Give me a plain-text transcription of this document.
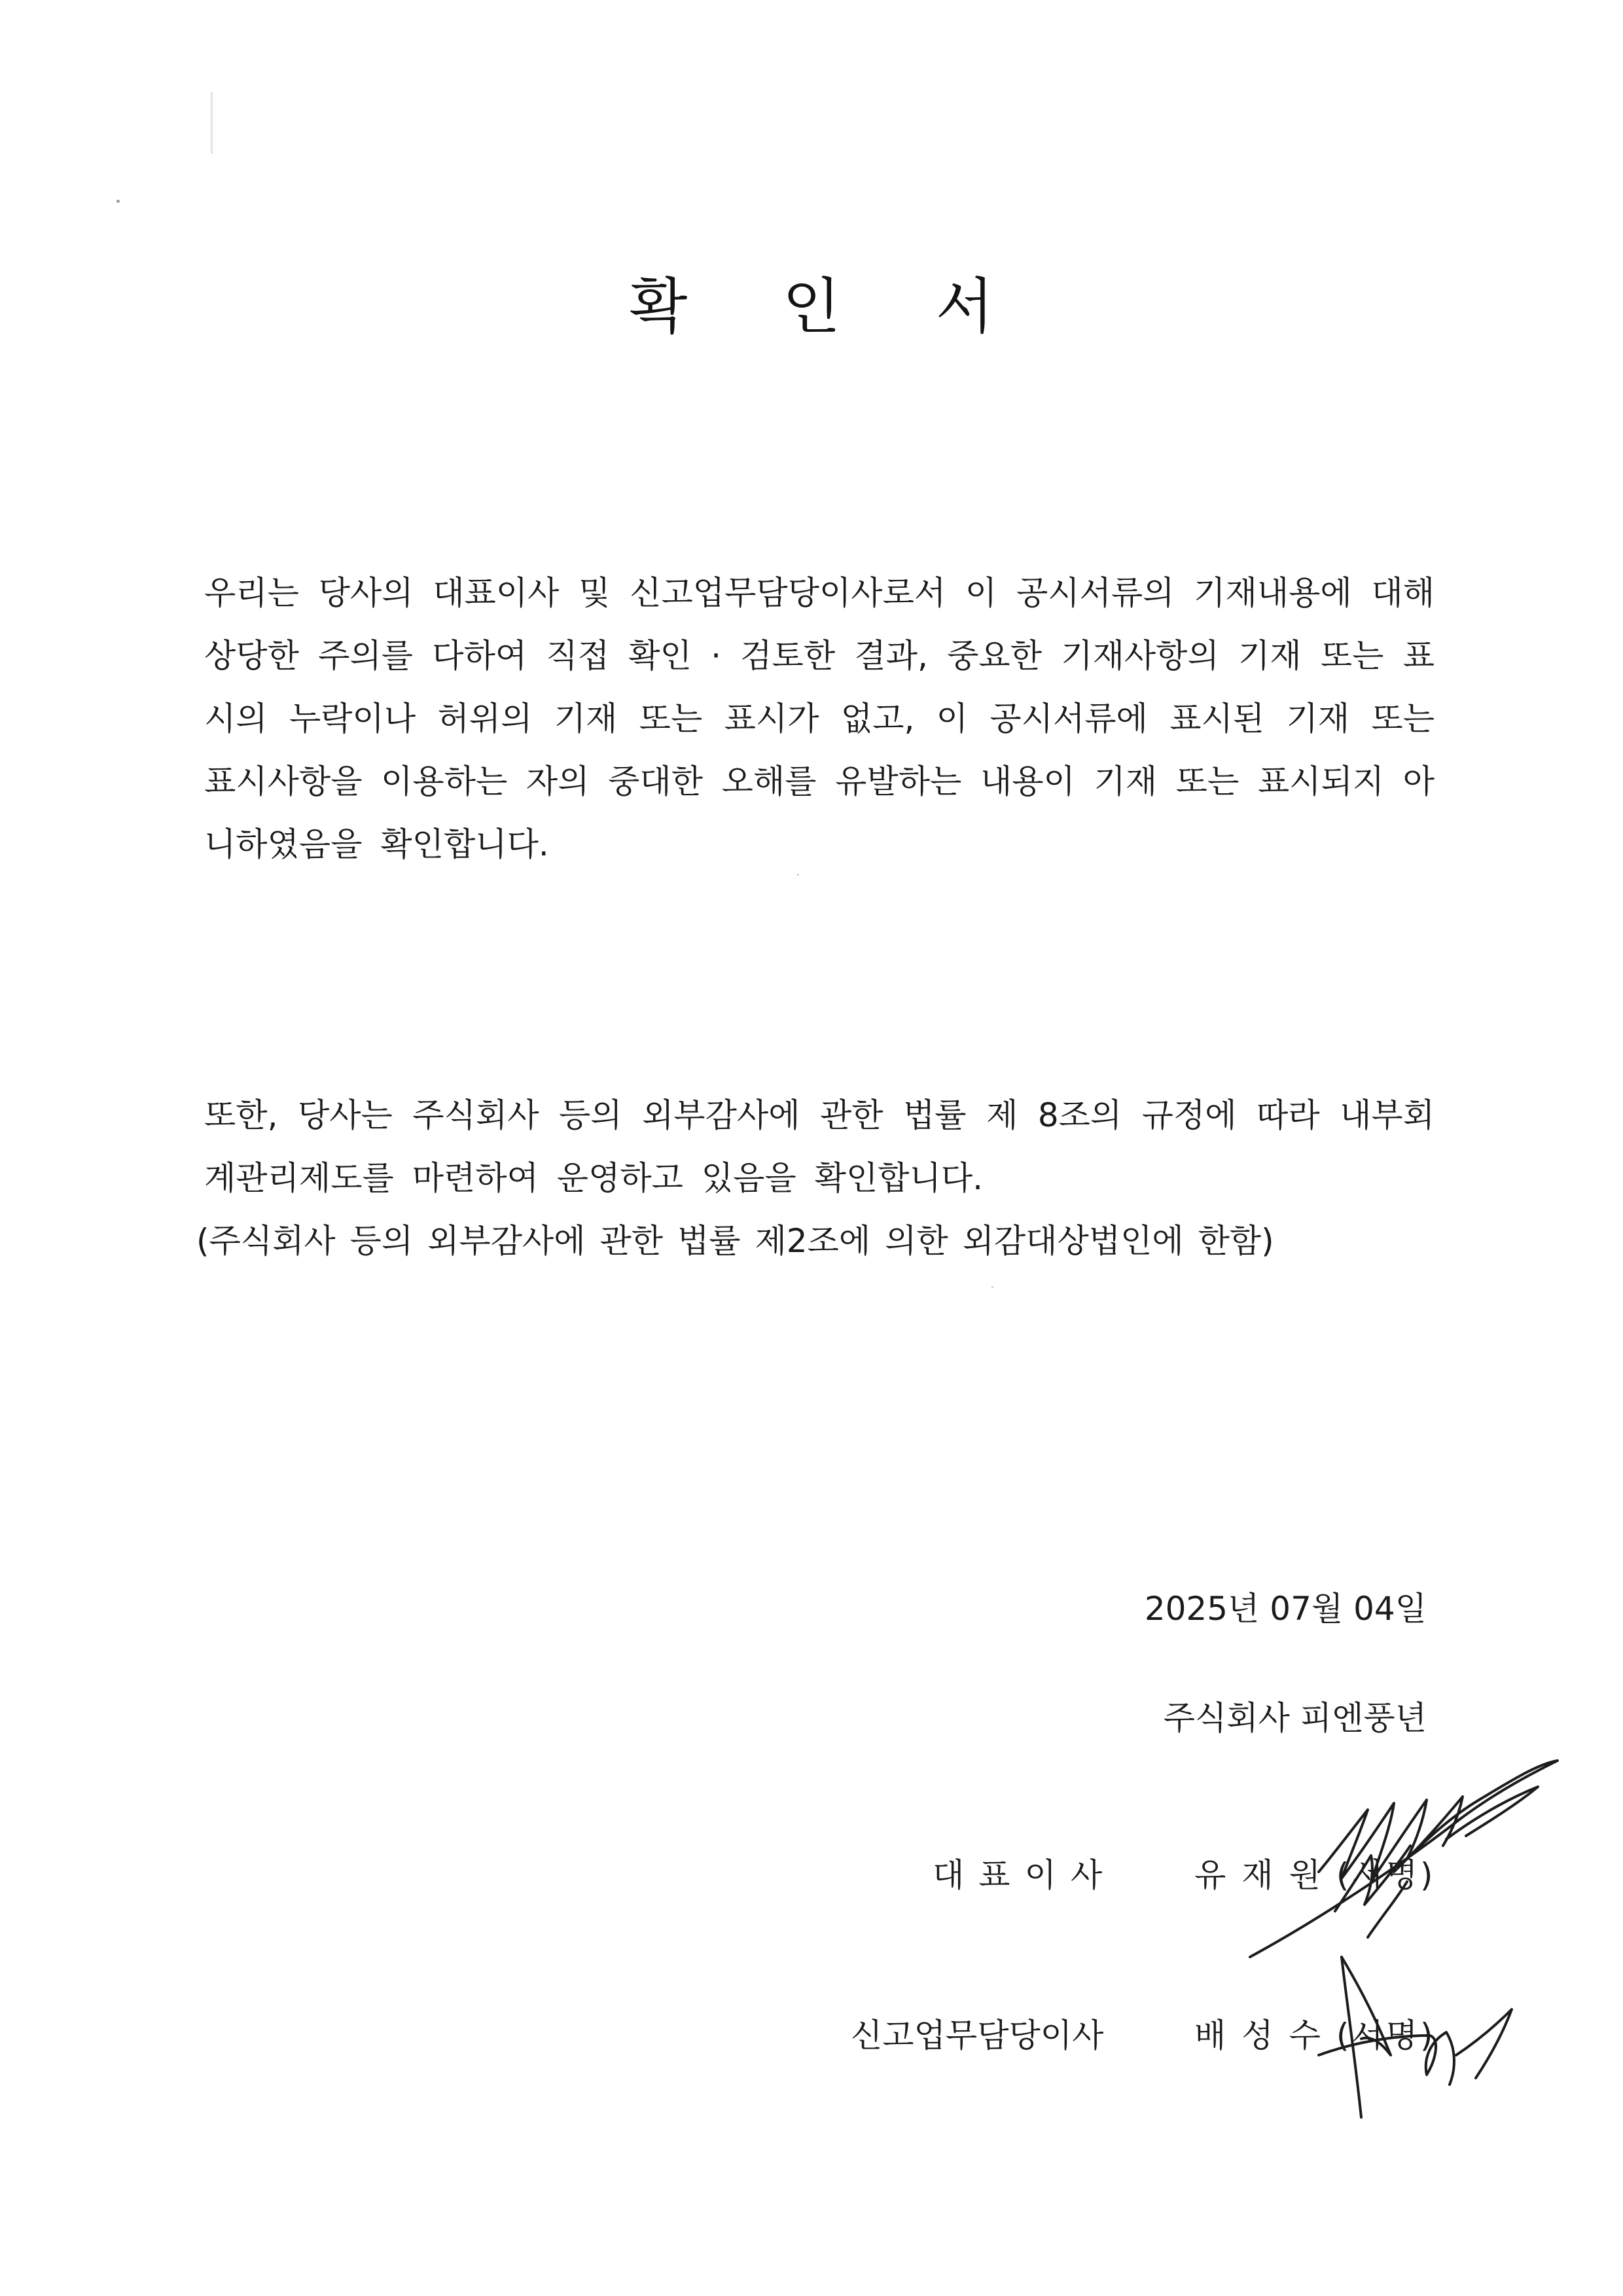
확 인 서
우리는 당사의 대표이사 및 신고업무담당이사로서 이 공시서류의 기재내용에 대해 상당한 주의를 다하여 직접 확인 · 검토한 결과, 중요한 기재사항의 기재 또는 표시의 누락이나 허위의 기재 또는 표시가 없고, 이 공시서류에 표시된 기재 또는 표시사항을 이용하는 자의 중대한 오해를 유발하는 내용이 기재 또는 표시되지 아니하였음을 확인합니다.
또한, 당사는 주식회사 등의 외부감사에 관한 법률 제 8조의 규정에 따라 내부회계관리제도를 마련하여 운영하고 있음을 확인합니다.
(주식회사 등의 외부감사에 관한 법률 제2조에 의한 외감대상법인에 한함)
2025년 07월 04일
주식회사 피엔풍년
대표이사 유재원(서명)
신고업무담당이사	배성수(서명)
